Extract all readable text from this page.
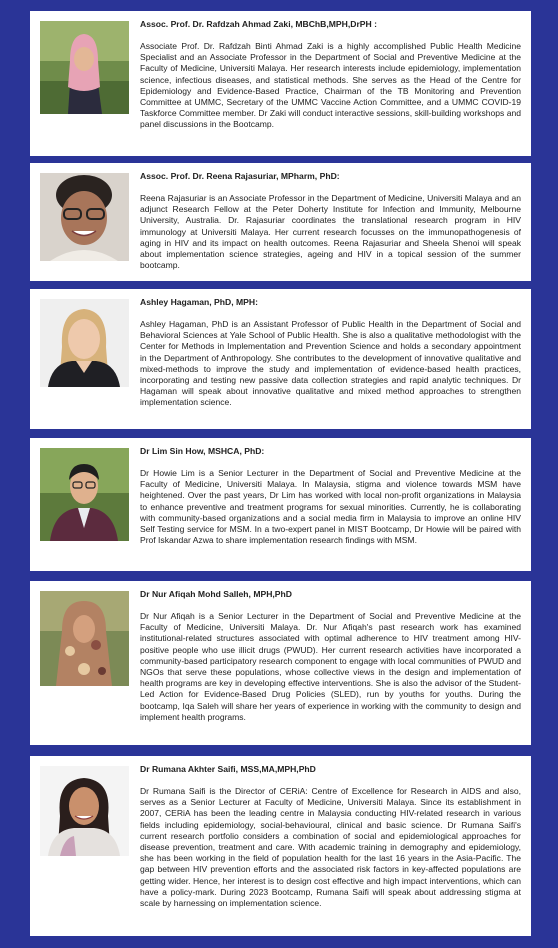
Assoc. Prof. Dr. Rafdzah Ahmad Zaki, MBChB,MPH,DrPH :

Associate Prof. Dr. Rafdzah Binti Ahmad Zaki is a highly accomplished Public Health Medicine Specialist and an Associate Professor in the Department of Social and Preventive Medicine at the Faculty of Medicine, Universiti Malaya. Her research interests include epidemiology, implementation science, infectious diseases, and statistical methods. She serves as the Head of the Centre for Epidemiology and Evidence-Based Practice, Chairman of the TB Monitoring and Prevention Committee at UMMC, Secretary of the UMMC Vaccine Action Committee, and a UMMC COVID-19 Taskforce Committee member. Dr Zaki will conduct interactive sessions, skill-building workshops and panel discussions in the Bootcamp.

Assoc. Prof. Dr. Reena Rajasuriar, MPharm, PhD:

Reena Rajasuriar is an Associate Professor in the Department of Medicine, Universiti Malaya and an adjunct Research Fellow at the Peter Doherty Institute for Infection and Immunity, Melbourne University, Australia. Dr. Rajasuriar coordinates the translational research program in HIV immunology at Universiti Malaya. Her current research focusses on the immunopathogenesis of aging in HIV and its impact on health outcomes. Reena Rajasuriar and Sheela Shenoi will speak about implementation science strategies, ageing and HIV in a topical session of the summer bootcamp.

Ashley Hagaman, PhD, MPH:

Ashley Hagaman, PhD is an Assistant Professor of Public Health in the Department of Social and Behavioral Sciences at Yale School of Public Health. She is also a qualitative methodologist with the Center for Methods in Implementation and Prevention Science and holds a secondary appointment in the Department of Anthropology. She contributes to the development of innovative qualitative and mixed-methods to improve the study and implementation of evidence-based health practices, incorporating and testing new passive data collection strategies and rapid analytic techniques. Dr Hagaman will speak about innovative qualitative and mixed method approaches to strengthen implementation science.

Dr Lim Sin How, MSHCA, PhD:

Dr Howie Lim is a Senior Lecturer in the Department of Social and Preventive Medicine at the Faculty of Medicine, Universiti Malaya. In Malaysia, stigma and violence towards MSM have heightened. Over the past years, Dr Lim has worked with local non-profit organizations in Malaysia to enhance preventive and treatment programs for sexual minorities. Currently, he is collaborating with community-based organizations and a social media firm in Malaysia to improve an online HIV Self Testing service for MSM. In a two-expert panel in MIST Bootcamp, Dr Howie will be paired with Prof Iskandar Azwa to share implementation research findings with MSM.

Dr Nur Afiqah Mohd Salleh, MPH,PhD

Dr Nur Afiqah is a Senior Lecturer in the Department of Social and Preventive Medicine at the Faculty of Medicine, Universiti Malaya. Dr. Nur Afiqah's past research work has examined institutional-related structures associated with optimal adherence to HIV treatment among HIV-positive people who use illicit drugs (PWUD). Her current research activities have incorporated a community-based participatory research component to engage with local communities of PWUD and NGOs that serve these populations, whose collective views in the design and implementation of health programs are key in developing effective interventions. She is also the advisor of the Student-Led Action for Evidence-Based Drug Policies (SLED), run by youths for youths. During the bootcamp, Iqa Saleh will share her years of experience in working with the community to design and implement health programs.

Dr Rumana Akhter Saifi, MSS,MA,MPH,PhD

Dr Rumana Saifi is the Director of CERiA: Centre of Excellence for Research in AIDS and also, serves as a Senior Lecturer at Faculty of Medicine, Universiti Malaya. Since its establishment in 2007, CERiA has been the leading centre in Malaysia conducting HIV-related research in various fields including epidemiology, social-behavioural, clinical and basic science. Dr Rumana Saifi's current research portfolio considers a combination of social and epidemiological approaches for disease prevention, treatment and care. With academic training in demography and epidemiology, she has been working in the field of population health for the last 16 years in the Asia-Pacific. The gap between HIV prevention efforts and the associated risk factors in key-affected populations are getting wider. Hence, her interest is to design cost effective and high impact interventions, which can have a policy-mark. During 2023 Bootcamp, Rumana Saifi will speak about addressing stigma at scale by harnessing on implementation science.
